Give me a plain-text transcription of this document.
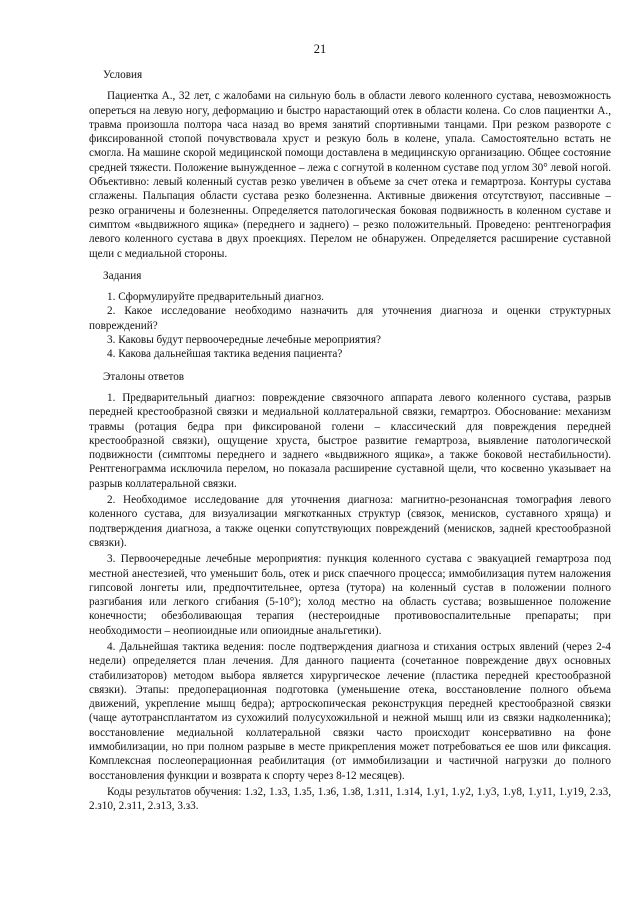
21
Условия

Пациентка А., 32 лет, с жалобами на сильную боль в области левого коленного сустава, невозможность опереться на левую ногу, деформацию и быстро нарастающий отек в области колена. Со слов пациентки А., травма произошла полтора часа назад во время занятий спортивными танцами. При резком развороте с фиксированной стопой почувствовала хруст и резкую боль в колене, упала. Самостоятельно встать не смогла. На машине скорой медицинской помощи доставлена в медицинскую организацию. Общее состояние средней тяжести. Положение вынужденное – лежа с согнутой в коленном суставе под углом 30° левой ногой. Объективно: левый коленный сустав резко увеличен в объеме за счет отека и гемартроза. Контуры сустава сглажены. Пальпация области сустава резко болезненна. Активные движения отсутствуют, пассивные – резко ограничены и болезненны. Определяется патологическая боковая подвижность в коленном суставе и симптом «выдвижного ящика» (переднего и заднего) – резко положительный. Проведено: рентгенография левого коленного сустава в двух проекциях. Перелом не обнаружен. Определяется расширение суставной щели с медиальной стороны.

Задания
1. Сформулируйте предварительный диагноз.
2. Какое исследование необходимо назначить для уточнения диагноза и оценки структурных повреждений?
3. Каковы будут первоочередные лечебные мероприятия?
4. Какова дальнейшая тактика ведения пациента?
Эталоны ответов

1. Предварительный диагноз: повреждение связочного аппарата левого коленного сустава, разрыв передней крестообразной связки и медиальной коллатеральной связки, гемартроз. Обоснование: механизм травмы (ротация бедра при фиксированой голени – классический для повреждения передней крестообразной связки), ощущение хруста, быстрое развитие гемартроза, выявление патологической подвижности (симптомы переднего и заднего «выдвижного ящика», а также боковой нестабильности). Рентгенограмма исключила перелом, но показала расширение суставной щели, что косвенно указывает на разрыв коллатеральной связки.

2. Необходимое исследование для уточнения диагноза: магнитно-резонансная томография левого коленного сустава, для визуализации мягкотканных структур (связок, менисков, суставного хряща) и подтверждения диагноза, а также оценки сопутствующих повреждений (менисков, задней крестообразной связки).

3. Первоочередные лечебные мероприятия: пункция коленного сустава с эвакуацией гемартроза под местной анестезией, что уменьшит боль, отек и риск спаечного процесса; иммобилизация путем наложения гипсовой лонгеты или, предпочтительнее, ортеза (тутора) на коленный сустав в положении полного разгибания или легкого сгибания (5-10°); холод местно на область сустава; возвышенное положение конечности; обезболивающая терапия (нестероидные противовоспалительные препараты; при необходимости – неопиоидные или опиоидные анальгетики).

4. Дальнейшая тактика ведения: после подтверждения диагноза и стихания острых явлений (через 2-4 недели) определяется план лечения. Для данного пациента (сочетанное повреждение двух основных стабилизаторов) методом выбора является хирургическое лечение (пластика передней крестообразной связки). Этапы: предоперационная подготовка (уменьшение отека, восстановление полного объема движений, укрепление мышц бедра); артроскопическая реконструкция передней крестообразной связки (чаще аутотрансплантатом из сухожилий полусухожильной и нежной мышц или из связки надколенника); восстановление медиальной коллатеральной связки часто происходит консервативно на фоне иммобилизации, но при полном разрыве в месте прикрепления может потребоваться ее шов или фиксация. Комплексная послеоперационная реабилитация (от иммобилизации и частичной нагрузки до полного восстановления функции и возврата к спорту через 8-12 месяцев).

Коды результатов обучения: 1.з2, 1.з3, 1.з5, 1.з6, 1.з8, 1.з11, 1.з14, 1.у1, 1.у2, 1.у3, 1.у8, 1.у11, 1.у19, 2.з3, 2.з10, 2.з11, 2.з13, 3.з3.
